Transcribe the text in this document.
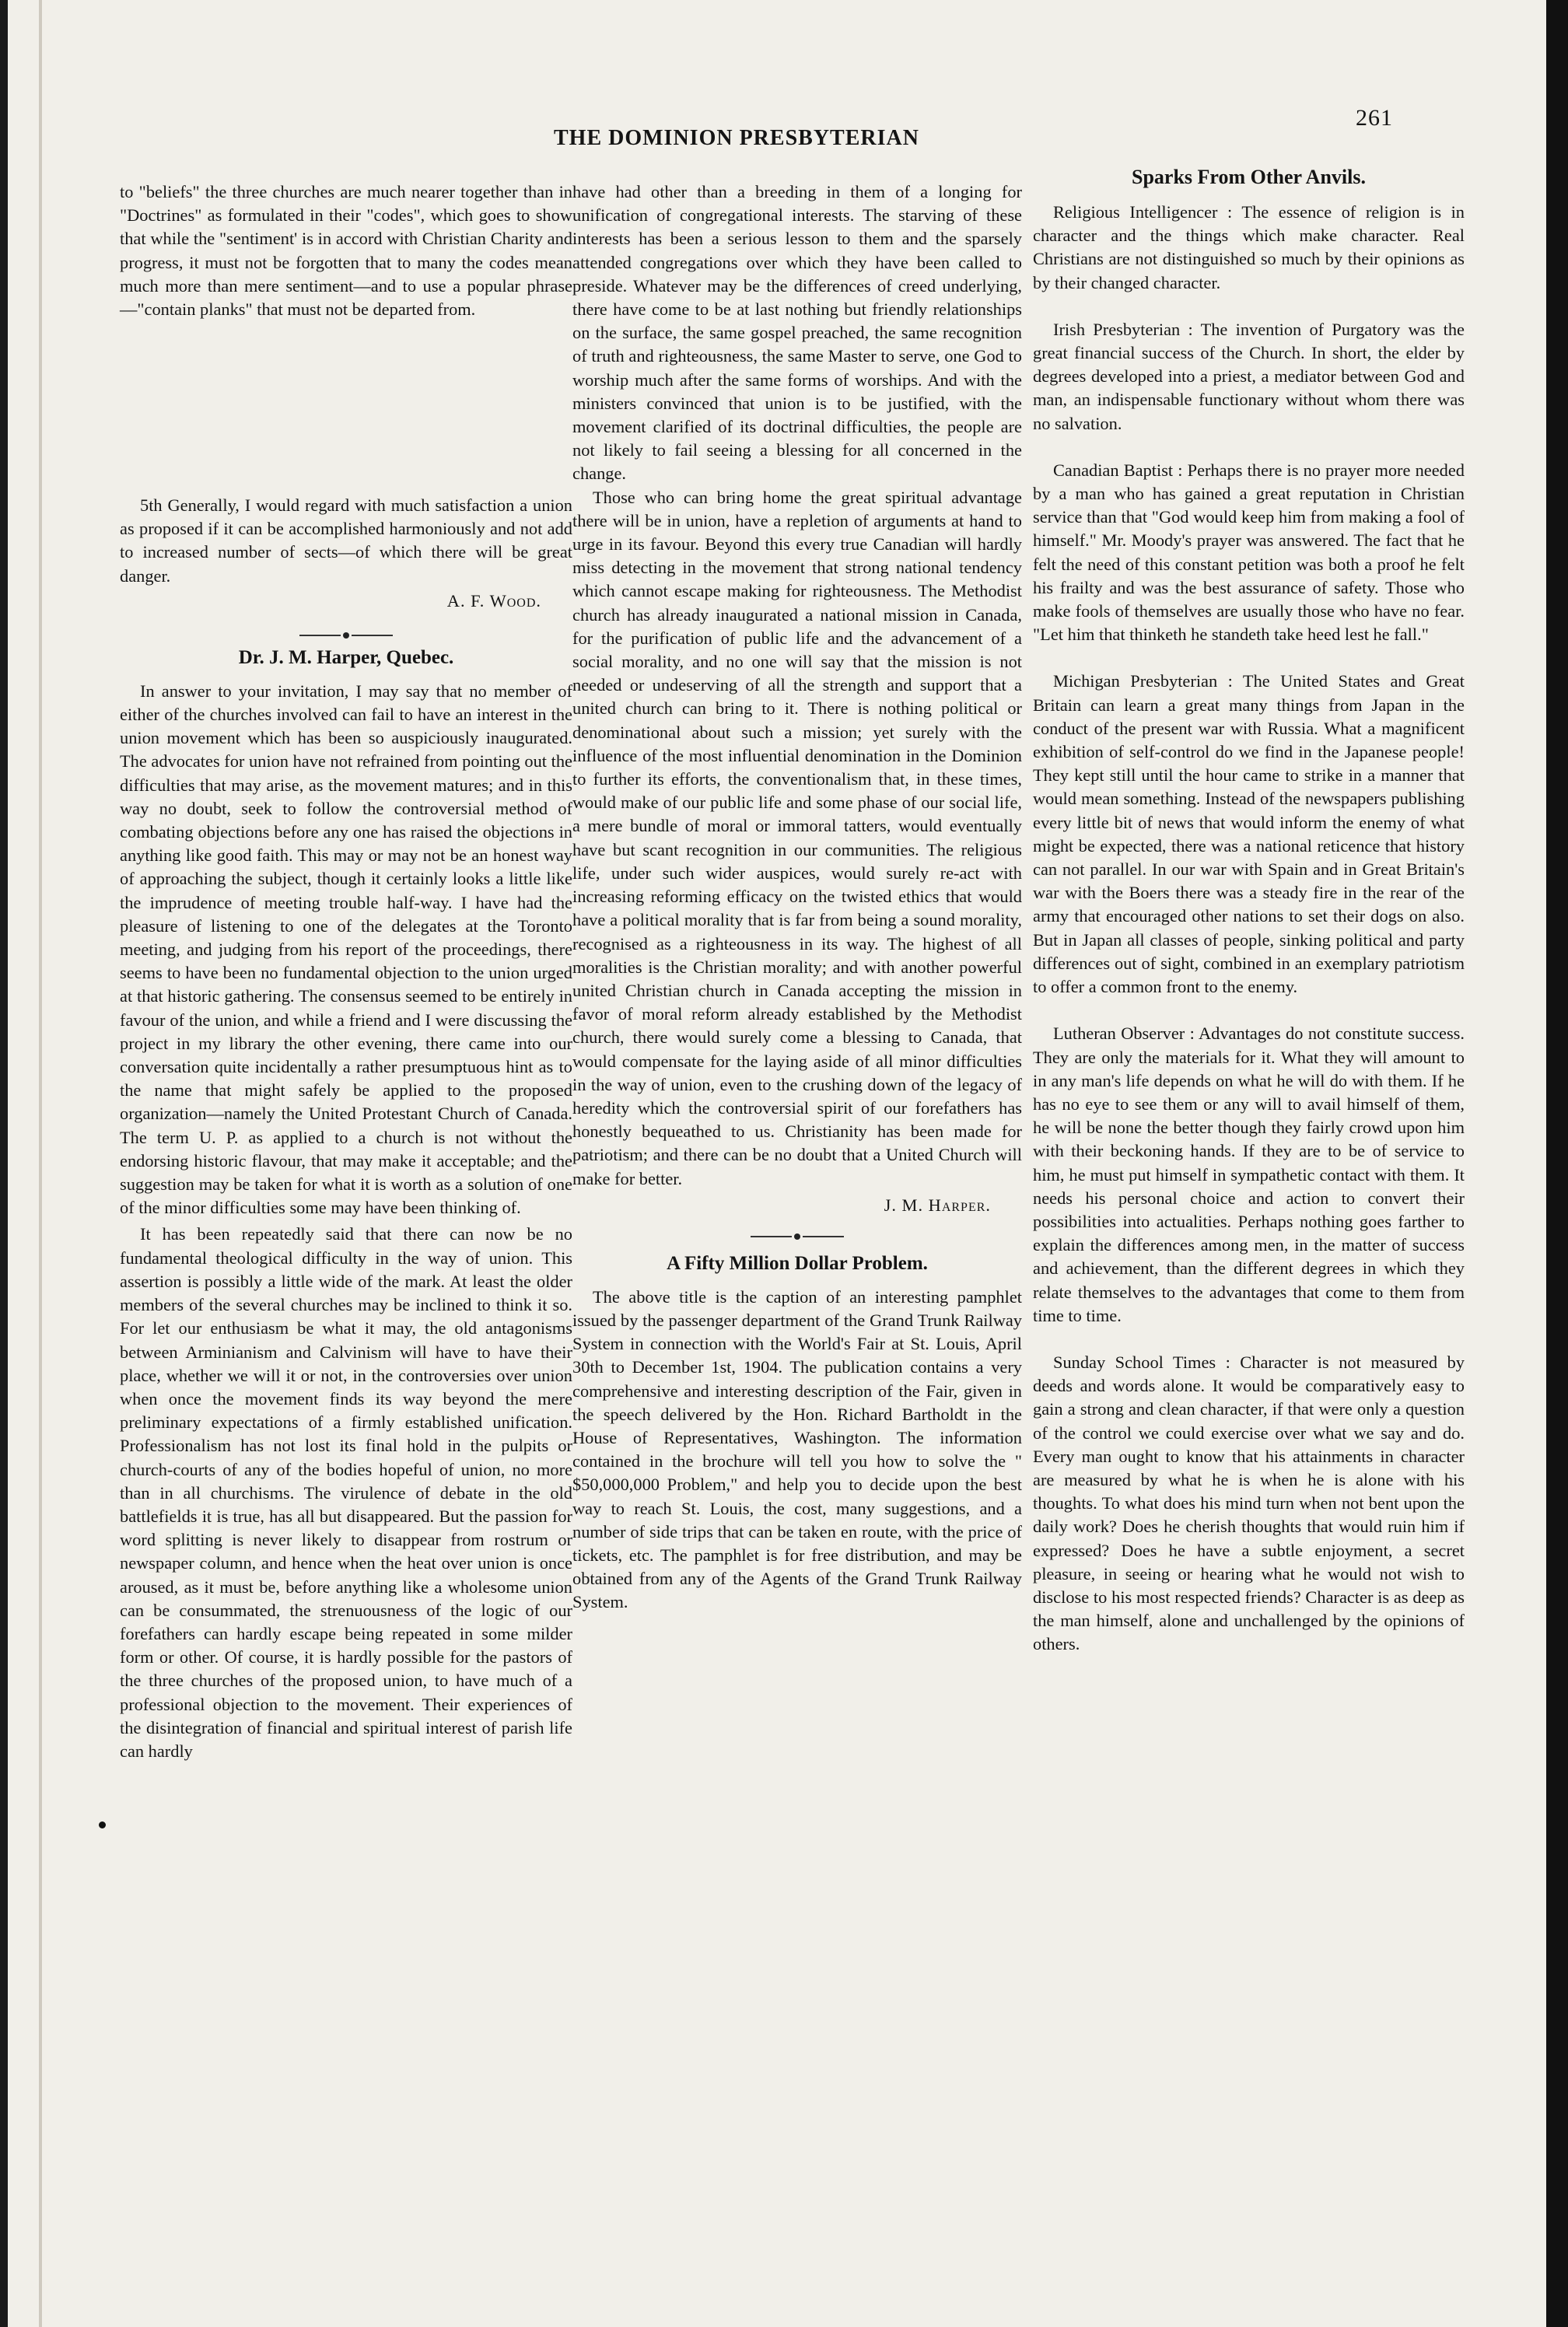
THE DOMINION PRESBYTERIAN
261

to "beliefs" the three churches are much nearer together than in "Doctrines" as formulated in their "codes", which goes to show that while the "sentiment' is in accord with Christian Charity and progress, it must not be forgotten that to many the codes mean much more than mere sentiment—and to use a popular phrase—"contain planks" that must not be departed from.

5th Generally, I would regard with much satisfaction a union as proposed if it can be accomplished harmoniously and not add to increased number of sects—of which there will be great danger.

A. F. Wood.
Dr. J. M. Harper, Quebec.

In answer to your invitation, I may say that no member of either of the churches involved can fail to have an interest in the union movement which has been so auspiciously inaugurated. The advocates for union have not refrained from pointing out the difficulties that may arise, as the movement matures; and in this way no doubt, seek to follow the controversial method of combating objections before any one has raised the objections in anything like good faith. This may or may not be an honest way of approaching the subject, though it certainly looks a little like the imprudence of meeting trouble half-way. I have had the pleasure of listening to one of the delegates at the Toronto meeting, and judging from his report of the proceedings, there seems to have been no fundamental objection to the union urged at that historic gathering. The consensus seemed to be entirely in favour of the union, and while a friend and I were discussing the project in my library the other evening, there came into our conversation quite incidentally a rather presumptuous hint as to the name that might safely be applied to the proposed organization—namely the United Protestant Church of Canada. The term U. P. as applied to a church is not without the endorsing historic flavour, that may make it acceptable; and the suggestion may be taken for what it is worth as a solution of one of the minor difficulties some may have been thinking of.

It has been repeatedly said that there can now be no fundamental theological difficulty in the way of union. This assertion is possibly a little wide of the mark. At least the older members of the several churches may be inclined to think it so. For let our enthusiasm be what it may, the old antagonisms between Arminianism and Calvinism will have to have their place, whether we will it or not, in the controversies over union when once the movement finds its way beyond the mere preliminary expectations of a firmly established unification. Professionalism has not lost its final hold in the pulpits or church-courts of any of the bodies hopeful of union, no more than in all churchisms. The virulence of debate in the old battlefields it is true, has all but disappeared. But the passion for word splitting is never likely to disappear from rostrum or newspaper column, and hence when the heat over union is once aroused, as it must be, before anything like a wholesome union can be consummated, the strenuousness of the logic of our forefathers can hardly escape being repeated in some milder form or other. Of course, it is hardly possible for the pastors of the three churches of the proposed union, to have much of a professional objection to the movement. Their experiences of the disintegration of financial and spiritual interest of parish life can hardly

have had other than a breeding in them of a longing for unification of congregational interests. The starving of these interests has been a serious lesson to them and the sparsely attended congregations over which they have been called to preside. Whatever may be the differences of creed underlying, there have come to be at last nothing but friendly relationships on the surface, the same gospel preached, the same recognition of truth and righteousness, the same Master to serve, one God to worship much after the same forms of worships. And with the ministers convinced that union is to be justified, with the movement clarified of its doctrinal difficulties, the people are not likely to fail seeing a blessing for all concerned in the change.

Those who can bring home the great spiritual advantage there will be in union, have a repletion of arguments at hand to urge in its favour. Beyond this every true Canadian will hardly miss detecting in the movement that strong national tendency which cannot escape making for righteousness. The Methodist church has already inaugurated a national mission in Canada, for the purification of public life and the advancement of a social morality, and no one will say that the mission is not needed or undeserving of all the strength and support that a united church can bring to it. There is nothing political or denominational about such a mission; yet surely with the influence of the most influential denomination in the Dominion to further its efforts, the conventionalism that, in these times, would make of our public life and some phase of our social life, a mere bundle of moral or immoral tatters, would eventually have but scant recognition in our communities. The religious life, under such wider auspices, would surely re-act with increasing reforming efficacy on the twisted ethics that would have a political morality that is far from being a sound morality, recognised as a righteousness in its way. The highest of all moralities is the Christian morality; and with another powerful united Christian church in Canada accepting the mission in favor of moral reform already established by the Methodist church, there would surely come a blessing to Canada, that would compensate for the laying aside of all minor difficulties in the way of union, even to the crushing down of the legacy of heredity which the controversial spirit of our forefathers has honestly bequeathed to us. Christianity has been made for patriotism; and there can be no doubt that a United Church will make for better.

J. M. Harper.
A Fifty Million Dollar Problem.

The above title is the caption of an interesting pamphlet issued by the passenger department of the Grand Trunk Railway System in connection with the World's Fair at St. Louis, April 30th to December 1st, 1904. The publication contains a very comprehensive and interesting description of the Fair, given in the speech delivered by the Hon. Richard Bartholdt in the House of Representatives, Washington. The information contained in the brochure will tell you how to solve the " $50,000,000 Problem," and help you to decide upon the best way to reach St. Louis, the cost, many suggestions, and a number of side trips that can be taken en route, with the price of tickets, etc. The pamphlet is for free distribution, and may be obtained from any of the Agents of the Grand Trunk Railway System.

Sparks From Other Anvils.

Religious Intelligencer : The essence of religion is in character and the things which make character. Real Christians are not distinguished so much by their opinions as by their changed character.

Irish Presbyterian : The invention of Purgatory was the great financial success of the Church. In short, the elder by degrees developed into a priest, a mediator between God and man, an indispensable functionary without whom there was no salvation.

Canadian Baptist : Perhaps there is no prayer more needed by a man who has gained a great reputation in Christian service than that "God would keep him from making a fool of himself." Mr. Moody's prayer was answered. The fact that he felt the need of this constant petition was both a proof he felt his frailty and was the best assurance of safety. Those who make fools of themselves are usually those who have no fear. "Let him that thinketh he standeth take heed lest he fall."

Michigan Presbyterian : The United States and Great Britain can learn a great many things from Japan in the conduct of the present war with Russia. What a magnificent exhibition of self-control do we find in the Japanese people! They kept still until the hour came to strike in a manner that would mean something. Instead of the newspapers publishing every little bit of news that would inform the enemy of what might be expected, there was a national reticence that history can not parallel. In our war with Spain and in Great Britain's war with the Boers there was a steady fire in the rear of the army that encouraged other nations to set their dogs on also. But in Japan all classes of people, sinking political and party differences out of sight, combined in an exemplary patriotism to offer a common front to the enemy.

Lutheran Observer : Advantages do not constitute success. They are only the materials for it. What they will amount to in any man's life depends on what he will do with them. If he has no eye to see them or any will to avail himself of them, he will be none the better though they fairly crowd upon him with their beckoning hands. If they are to be of service to him, he must put himself in sympathetic contact with them. It needs his personal choice and action to convert their possibilities into actualities. Perhaps nothing goes farther to explain the differences among men, in the matter of success and achievement, than the different degrees in which they relate themselves to the advantages that come to them from time to time.

Sunday School Times : Character is not measured by deeds and words alone. It would be comparatively easy to gain a strong and clean character, if that were only a question of the control we could exercise over what we say and do. Every man ought to know that his attainments in character are measured by what he is when he is alone with his thoughts. To what does his mind turn when not bent upon the daily work? Does he cherish thoughts that would ruin him if expressed? Does he have a subtle enjoyment, a secret pleasure, in seeing or hearing what he would not wish to disclose to his most respected friends? Character is as deep as the man himself, alone and unchallenged by the opinions of others.
